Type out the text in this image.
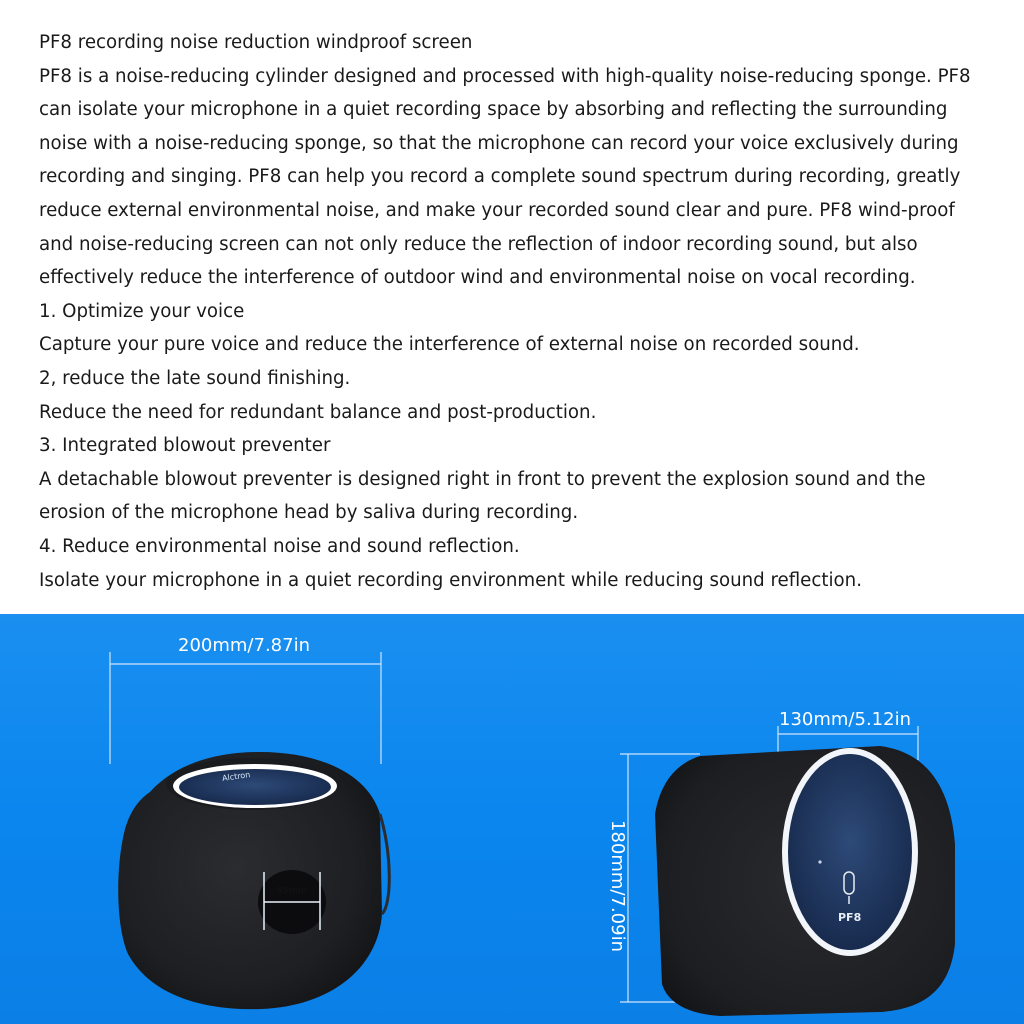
PF8 recording noise reduction windproof screen

PF8 is a noise-reducing cylinder designed and processed with high-quality noise-reducing sponge. PF8

can isolate your microphone in a quiet recording space by absorbing and reflecting the surrounding

noise with a noise-reducing sponge, so that the microphone can record your voice exclusively during

recording and singing. PF8 can help you record a complete sound spectrum during recording, greatly

reduce external environmental noise, and make your recorded sound clear and pure. PF8 wind-proof

and noise-reducing screen can not only reduce the reflection of indoor recording sound, but also

effectively reduce the interference of outdoor wind and environmental noise on vocal recording.

1. Optimize your voice

Capture your pure voice and reduce the interference of external noise on recorded sound.

2, reduce the late sound finishing.

Reduce the need for redundant balance and post-production.

3. Integrated blowout preventer

A detachable blowout preventer is designed right in front to prevent the explosion sound and the

erosion of the microphone head by saliva during recording.

4. Reduce environmental noise and sound reflection.

Isolate your microphone in a quiet recording environment while reducing sound reflection.

200mm/7.87in
45mm
Alctron
130mm/5.12in
180mm/7.09in	PF8
